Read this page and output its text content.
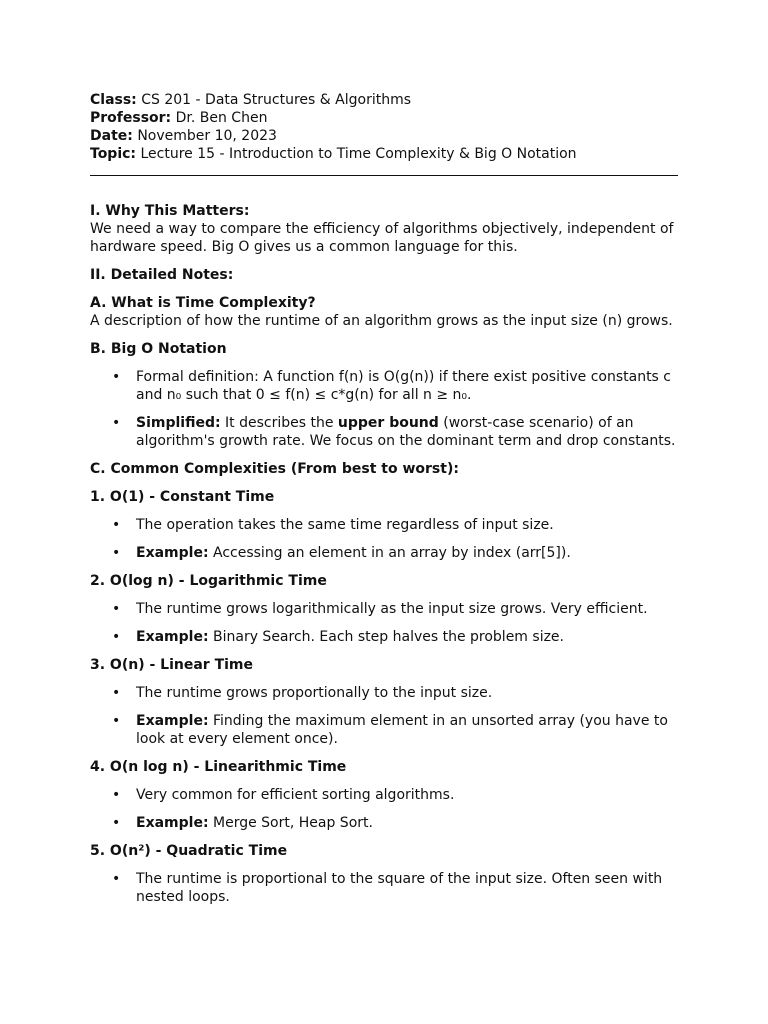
Class: CS 201 - Data Structures & Algorithms

Professor: Dr. Ben Chen

Date: November 10, 2023

Topic: Lecture 15 - Introduction to Time Complexity & Big O Notation

I. Why This Matters:

We need a way to compare the efficiency of algorithms objectively, independent of hardware speed. Big O gives us a common language for this.

II. Detailed Notes:

A. What is Time Complexity?

A description of how the runtime of an algorithm grows as the input size (n) grows.

B. Big O Notation

• Formal definition: A function f(n) is O(g(n)) if there exist positive constants c and n₀ such that 0 ≤ f(n) ≤ c*g(n) for all n ≥ n₀.
• Simplified: It describes the upper bound (worst-case scenario) of an algorithm's growth rate. We focus on the dominant term and drop constants.

C. Common Complexities (From best to worst):

1. O(1) - Constant Time

• The operation takes the same time regardless of input size.
• Example: Accessing an element in an array by index (arr[5]).

2. O(log n) - Logarithmic Time

• The runtime grows logarithmically as the input size grows. Very efficient.
• Example: Binary Search. Each step halves the problem size.

3. O(n) - Linear Time

• The runtime grows proportionally to the input size.
• Example: Finding the maximum element in an unsorted array (you have to look at every element once).

4. O(n log n) - Linearithmic Time

• Very common for efficient sorting algorithms.
• Example: Merge Sort, Heap Sort.

5. O(n²) - Quadratic Time

• The runtime is proportional to the square of the input size. Often seen with nested loops.
